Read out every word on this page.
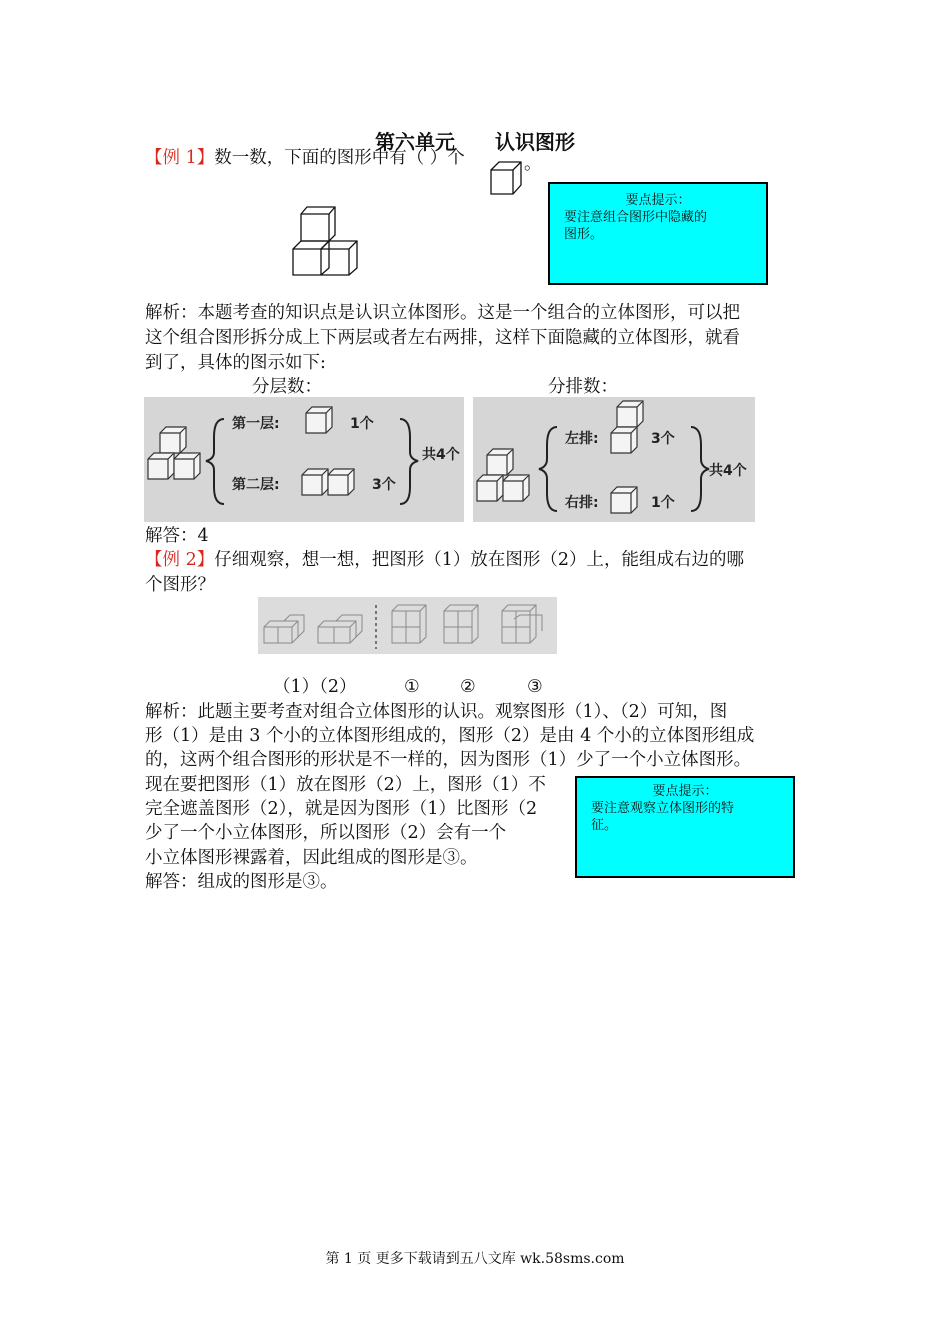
第六单元　　认识图形
【例 1】数一数，下面的图形中有（ ）个	。
要点提示：
要注意组合图形中隐藏的
图形。
解析：本题考查的知识点是认识立体图形。这是一个组合的立体图形，可以把
这个组合图形拆分成上下两层或者左右两排，这样下面隐藏的立体图形，就看
到了，具体的图示如下:
分层数：	分排数：
第一层:	1个
第二层:	3个
共4个
左排:	3个
右排:	1个
共4个
解答：4
【例 2】仔细观察，想一想，把图形（1）放在图形（2）上，能组成右边的哪
个图形？
（1）（2）	① ②	③
解析：此题主要考查对组合立体图形的认识。观察图形（1）、（2）可知，图
形（1）是由 3 个小的立体图形组成的，图形（2）是由 4 个小的立体图形组成
的，这两个组合图形的形状是不一样的，因为图形（1）少了一个小立体图形。
现在要把图形（1）放在图形（2）上，图形（1）不
完全遮盖图形（2），就是因为图形（1）比图形（2
少了一个小立体图形，所以图形（2）会有一个
小立体图形裸露着，因此组成的图形是③。
解答：组成的图形是③。
要点提示：
要注意观察立体图形的特
征。
第 1 页 更多下载请到五八文库 wk.58sms.com
